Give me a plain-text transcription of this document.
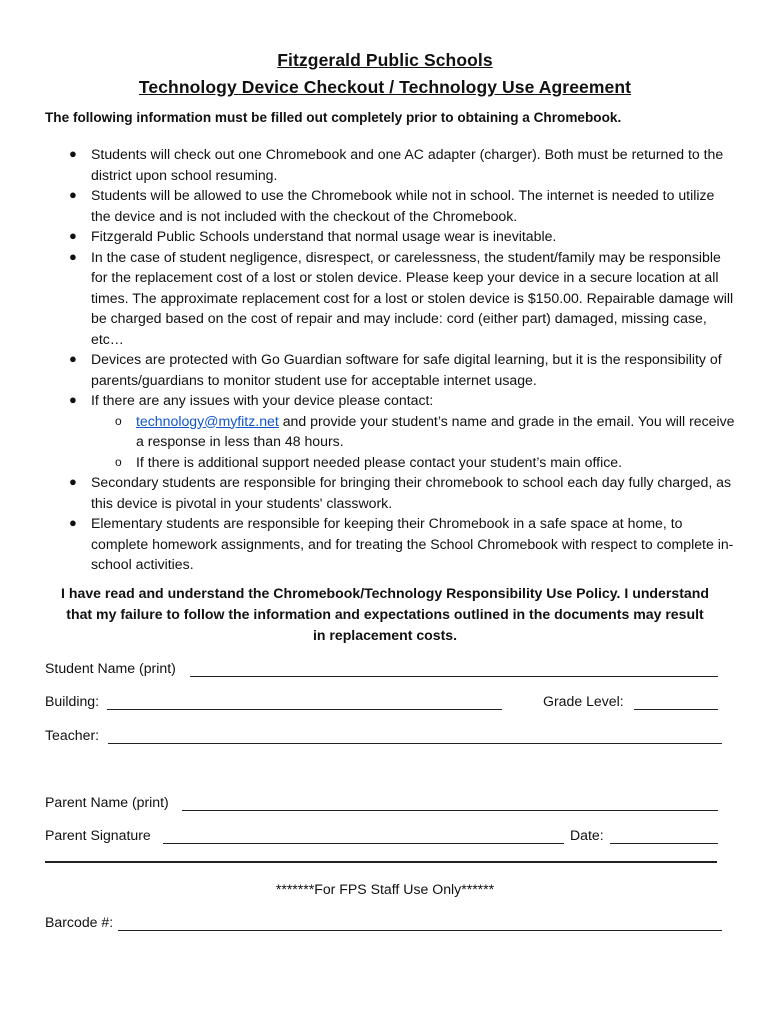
Fitzgerald Public Schools
Technology Device Checkout / Technology Use Agreement
The following information must be filled out completely prior to obtaining a Chromebook.
● Students will check out one Chromebook and one AC adapter (charger). Both must be returned to the district upon school resuming.
● Students will be allowed to use the Chromebook while not in school. The internet is needed to utilize the device and is not included with the checkout of the Chromebook.
● Fitzgerald Public Schools understand that normal usage wear is inevitable.
● In the case of student negligence, disrespect, or carelessness, the student/family may be responsible for the replacement cost of a lost or stolen device. Please keep your device in a secure location at all times. The approximate replacement cost for a lost or stolen device is $150.00. Repairable damage will be charged based on the cost of repair and may include: cord (either part) damaged, missing case, etc…
● Devices are protected with Go Guardian software for safe digital learning, but it is the responsibility of parents/guardians to monitor student use for acceptable internet usage.
● If there are any issues with your device please contact:
o technology@myfitz.net and provide your student’s name and grade in the email. You will receive a response in less than 48 hours.
o If there is additional support needed please contact your student’s main office.
● Secondary students are responsible for bringing their chromebook to school each day fully charged, as this device is pivotal in your students' classwork.
● Elementary students are responsible for keeping their Chromebook in a safe space at home, to complete homework assignments, and for treating the School Chromebook with respect to complete in-school activities.
I have read and understand the Chromebook/Technology Responsibility Use Policy. I understand that my failure to follow the information and expectations outlined in the documents may result in replacement costs.
Student Name (print)
Building:	Grade Level:
Teacher:
Parent Name (print)
Parent Signature	Date:
*******For FPS Staff Use Only******
Barcode #:
